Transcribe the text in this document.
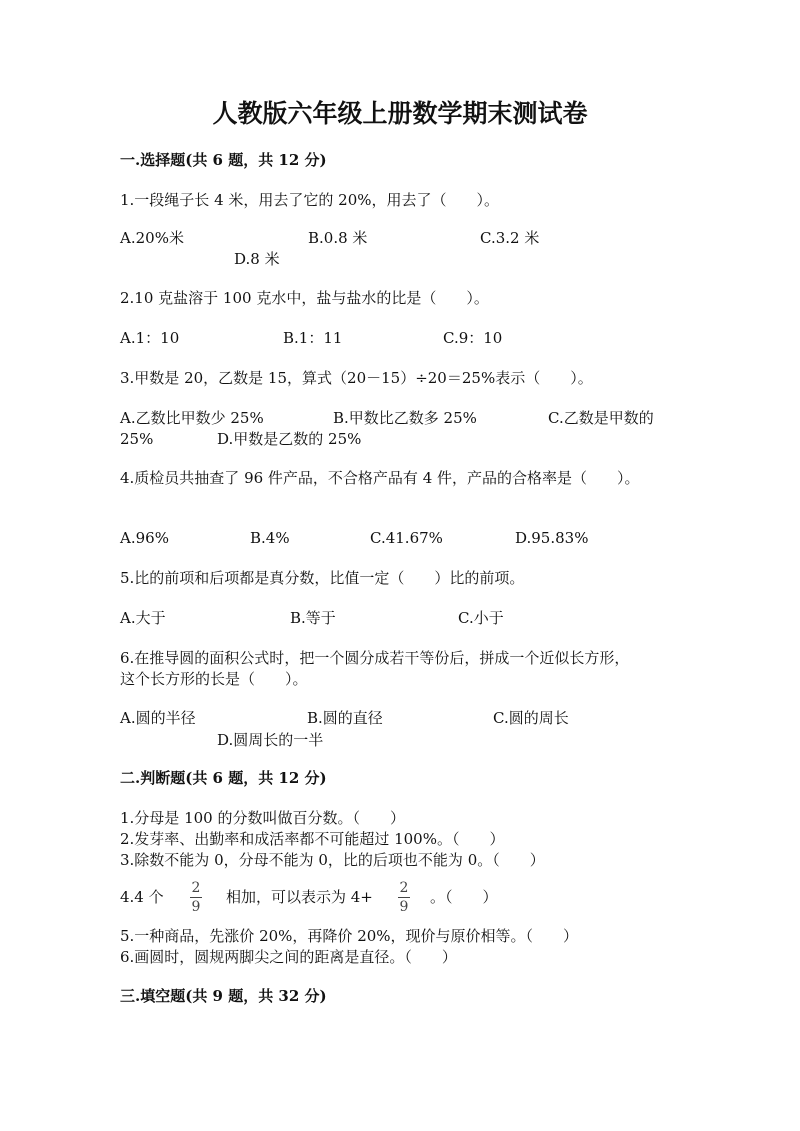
人教版六年级上册数学期末测试卷
一.选择题(共 6 题，共 12 分)
1.一段绳子长 4 米，用去了它的 20%，用去了（　　）。
A.20%米	B.0.8 米	C.3.2 米
D.8 米
2.10 克盐溶于 100 克水中，盐与盐水的比是（　　）。
A.1：10	B.1：11	C.9：10
3.甲数是 20，乙数是 15，算式（20－15）÷20＝25%表示（　　）。
A.乙数比甲数少 25%	B.甲数比乙数多 25%	C.乙数是甲数的
25%	D.甲数是乙数的 25%
4.质检员共抽查了 96 件产品，不合格产品有 4 件，产品的合格率是（　　）。
A.96%	B.4%	C.41.67%	D.95.83%
5.比的前项和后项都是真分数，比值一定（　　）比的前项。
A.大于	B.等于	C.小于
6.在推导圆的面积公式时，把一个圆分成若干等份后，拼成一个近似长方形，
这个长方形的长是（　　）。
A.圆的半径	B.圆的直径	C.圆的周长
D.圆周长的一半
二.判断题(共 6 题，共 12 分)
1.分母是 100 的分数叫做百分数。（　　）
2.发芽率、出勤率和成活率都不可能超过 100%。（　　）
3.除数不能为 0，分母不能为 0，比的后项也不能为 0。（　　）
4.4 个 2
9
相加，可以表示为 4+ 2
9
。（　　）
5.一种商品，先涨价 20%，再降价 20%，现价与原价相等。（　　）
6.画圆时，圆规两脚尖之间的距离是直径。（　　）
三.填空题(共 9 题，共 32 分)
